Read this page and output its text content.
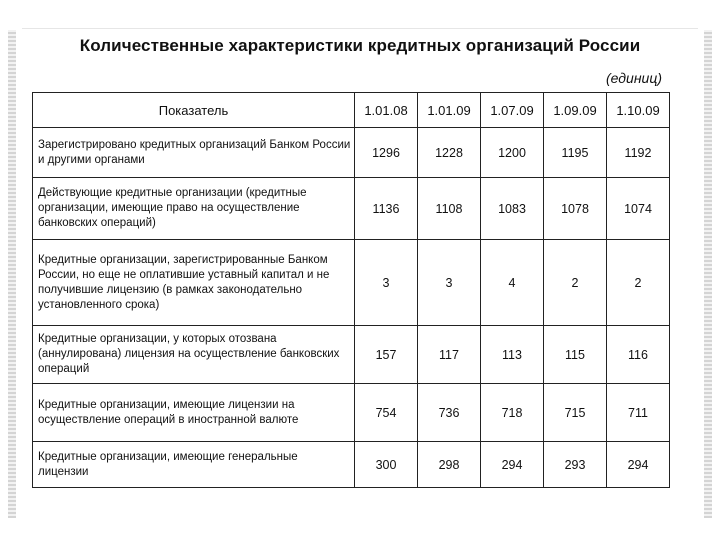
Количественные характеристики кредитных организаций России
(единиц)
Показатель	1.01.08	1.01.09	1.07.09	1.09.09	1.10.09
Зарегистрировано кредитных организаций Банком России и другими органами	1296	1228	1200	1195	1192
Действующие кредитные организации (кредитные организации, имеющие право на осуществление банковских операций)	1136	1108	1083	1078	1074
Кредитные организации, зарегистрированные Банком России, но еще не оплатившие уставный капитал и не получившие лицензию (в рамках законодательно установленного срока)	3	3	4	2	2
Кредитные организации, у которых отозвана (аннулирована) лицензия на осуществление банковских операций	157	117	113	115	116
Кредитные организации, имеющие лицензии на осуществление операций в иностранной валюте	754	736	718	715	711
Кредитные организации, имеющие генеральные лицензии	300	298	294	293	294
